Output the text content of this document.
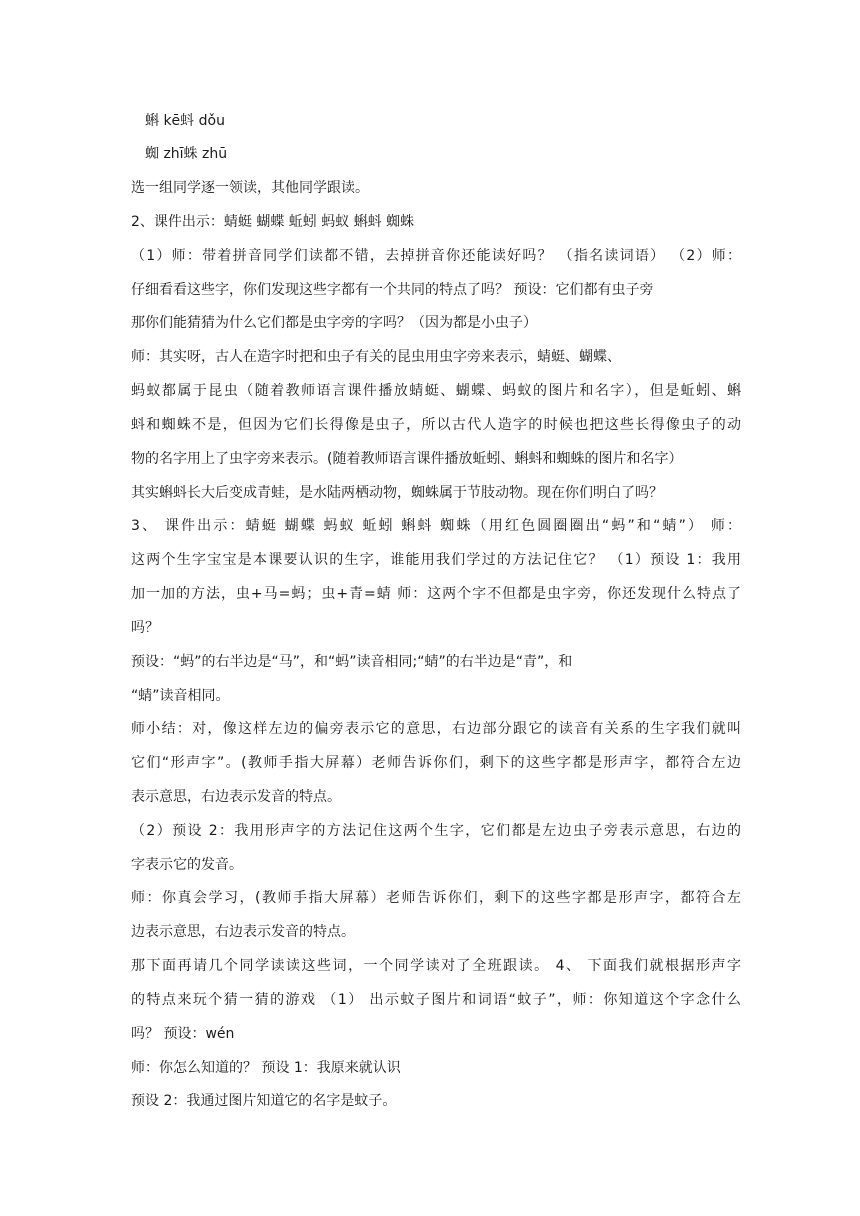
蝌 kē蚪 dǒu
蜘 zhī蛛 zhū
选一组同学逐一领读，其他同学跟读。
2、课件出示：蜻蜓 蝴蝶 蚯蚓 蚂蚁 蝌蚪 蜘蛛
（1）师：带着拼音同学们读都不错，去掉拼音你还能读好吗？ （指名读词语） （2）师：
仔细看看这些字，你们发现这些字都有一个共同的特点了吗？ 预设：它们都有虫子旁
那你们能猜猜为什么它们都是虫字旁的字吗？（因为都是小虫子）
师：其实呀，古人在造字时把和虫子有关的昆虫用虫字旁来表示，蜻蜓、蝴蝶、
蚂蚁都属于昆虫（随着教师语言课件播放蜻蜓、蝴蝶、蚂蚁的图片和名字），但是蚯蚓、蝌
蚪和蜘蛛不是，但因为它们长得像是虫子，所以古代人造字的时候也把这些长得像虫子的动
物的名字用上了虫字旁来表示。(随着教师语言课件播放蚯蚓、蝌蚪和蜘蛛的图片和名字）
其实蝌蚪长大后变成青蛙，是水陆两栖动物，蜘蛛属于节肢动物。现在你们明白了吗？
3、 课件出示：蜻蜓 蝴蝶 蚂蚁 蚯蚓 蝌蚪 蜘蛛（用红色圆圈圈出“蚂”和“蜻”） 师：
这两个生字宝宝是本课要认识的生字，谁能用我们学过的方法记住它？ （1）预设 1：我用
加一加的方法，虫+马=蚂；虫+青=蜻 师：这两个字不但都是虫字旁，你还发现什么特点了
吗？
预设：“蚂”的右半边是“马”，和“蚂”读音相同;“蜻”的右半边是“青”，和
“蜻”读音相同。
师小结：对，像这样左边的偏旁表示它的意思，右边部分跟它的读音有关系的生字我们就叫
它们“形声字”。(教师手指大屏幕）老师告诉你们，剩下的这些字都是形声字，都符合左边
表示意思，右边表示发音的特点。
（2）预设 2：我用形声字的方法记住这两个生字，它们都是左边虫子旁表示意思，右边的
字表示它的发音。
师：你真会学习，(教师手指大屏幕）老师告诉你们，剩下的这些字都是形声字，都符合左
边表示意思，右边表示发音的特点。
那下面再请几个同学读读这些词，一个同学读对了全班跟读。 4、 下面我们就根据形声字
的特点来玩个猜一猜的游戏 （1） 出示蚊子图片和词语“蚊子”，师：你知道这个字念什么
吗？ 预设：wén
师：你怎么知道的？ 预设 1：我原来就认识
预设 2：我通过图片知道它的名字是蚊子。
